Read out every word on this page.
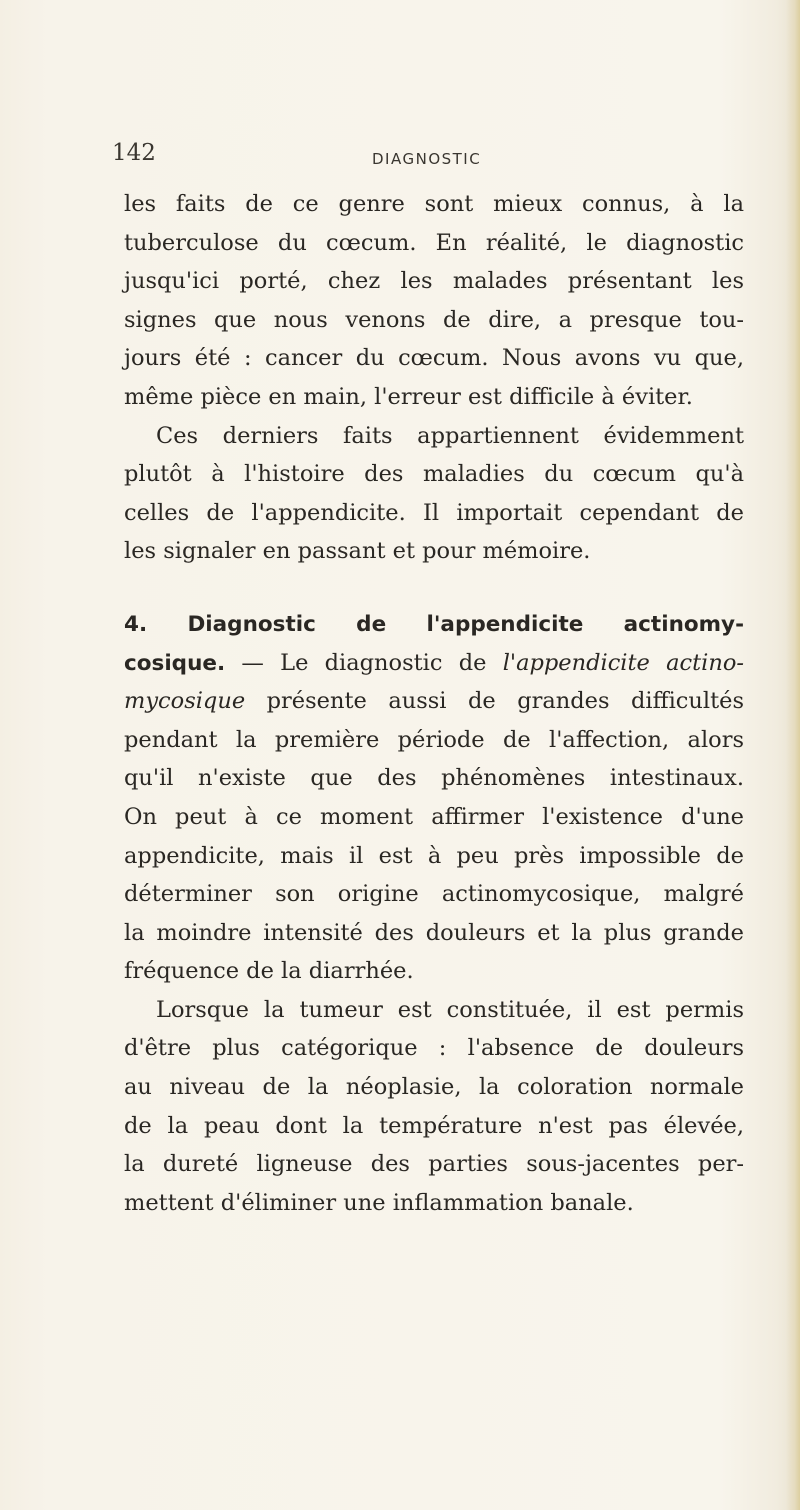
142	DIAGNOSTIC
les faits de ce genre sont mieux connus, à la
tuberculose du cœcum. En réalité, le diagnostic
jusqu'ici porté, chez les malades présentant les
signes que nous venons de dire, a presque tou-
jours été : cancer du cœcum. Nous avons vu que,
même pièce en main, l'erreur est difficile à éviter.
Ces derniers faits appartiennent évidemment
plutôt à l'histoire des maladies du cœcum qu'à
celles de l'appendicite. Il importait cependant de
les signaler en passant et pour mémoire.
4. Diagnostic de l'appendicite actinomy-
cosique. — Le diagnostic de l'appendicite actino-
mycosique présente aussi de grandes difficultés
pendant la première période de l'affection, alors
qu'il n'existe que des phénomènes intestinaux.
On peut à ce moment affirmer l'existence d'une
appendicite, mais il est à peu près impossible de
déterminer son origine actinomycosique, malgré
la moindre intensité des douleurs et la plus grande
fréquence de la diarrhée.
Lorsque la tumeur est constituée, il est permis
d'être plus catégorique : l'absence de douleurs
au niveau de la néoplasie, la coloration normale
de la peau dont la température n'est pas élevée,
la dureté ligneuse des parties sous-jacentes per-
mettent d'éliminer une inflammation banale.
